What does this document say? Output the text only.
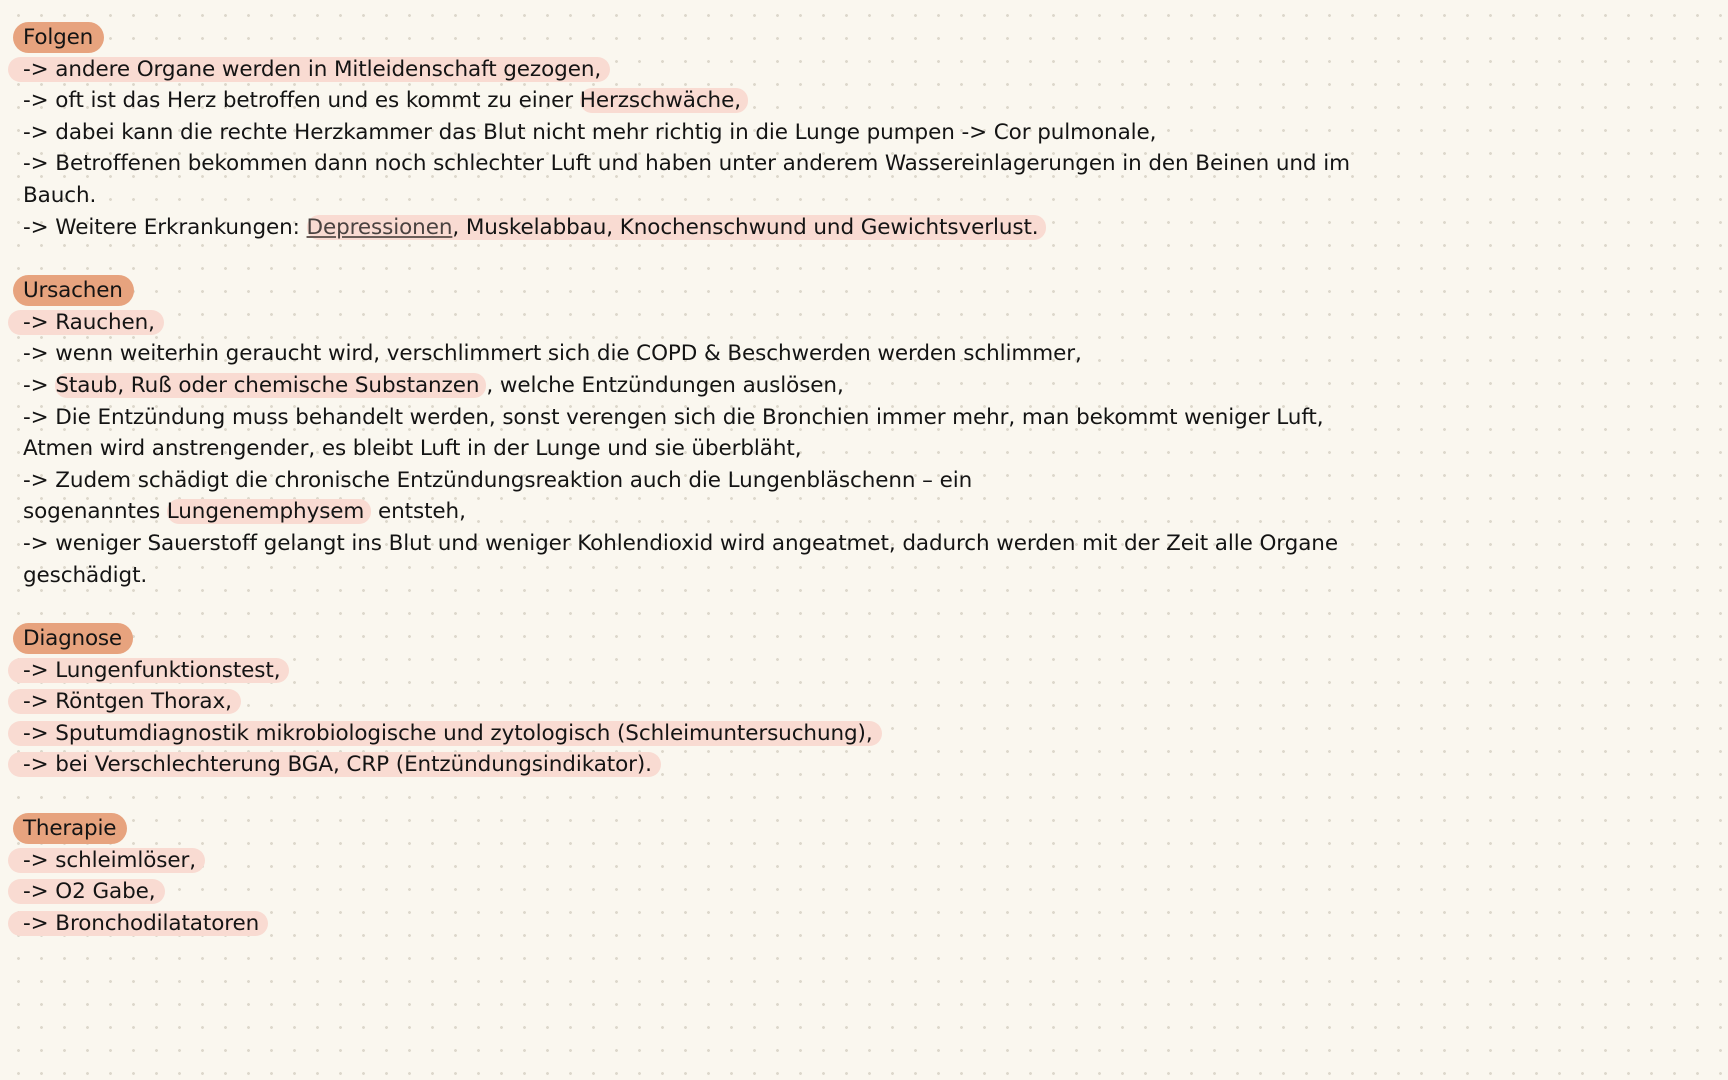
Folgen
-> andere Organe werden in Mitleidenschaft gezogen,
-> oft ist das Herz betroffen und es kommt zu einer Herzschwäche,
-> dabei kann die rechte Herzkammer das Blut nicht mehr richtig in die Lunge pumpen -> Cor pulmonale,
-> Betroffenen bekommen dann noch schlechter Luft und haben unter anderem Wassereinlagerungen in den Beinen und im
Bauch.
-> Weitere Erkrankungen: Depressionen, Muskelabbau, Knochenschwund und Gewichtsverlust.
Ursachen
-> Rauchen,
-> wenn weiterhin geraucht wird, verschlimmert sich die COPD & Beschwerden werden schlimmer,
-> Staub, Ruß oder chemische Substanzen , welche Entzündungen auslösen,
-> Die Entzündung muss behandelt werden, sonst verengen sich die Bronchien immer mehr, man bekommt weniger Luft,
Atmen wird anstrengender, es bleibt Luft in der Lunge und sie überbläht,
-> Zudem schädigt die chronische Entzündungsreaktion auch die Lungenbläschenn – ein
sogenanntes Lungenemphysem entsteh,
-> weniger Sauerstoff gelangt ins Blut und weniger Kohlendioxid wird angeatmet, dadurch werden mit der Zeit alle Organe
geschädigt.
Diagnose
-> Lungenfunktionstest,
-> Röntgen Thorax,
-> Sputumdiagnostik mikrobiologische und zytologisch (Schleimuntersuchung),
-> bei Verschlechterung BGA, CRP (Entzündungsindikator).
Therapie
-> schleimlöser,
-> O2 Gabe,
-> Bronchodilatatoren
